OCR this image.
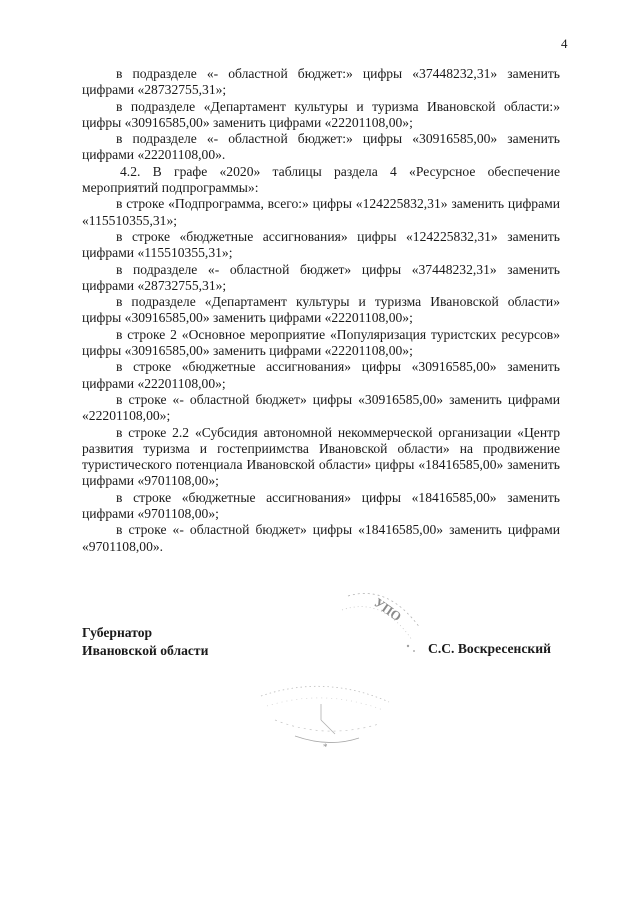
4

в подразделе «- областной бюджет:» цифры «37448232,31» заменить цифрами «28732755,31»;

в подразделе «Департамент культуры и туризма Ивановской области:» цифры «30916585,00» заменить цифрами «22201108,00»;

в подразделе «- областной бюджет:» цифры «30916585,00» заменить цифрами «22201108,00».

4.2. В графе «2020» таблицы раздела 4 «Ресурсное обеспечение мероприятий подпрограммы»:

в строке «Подпрограмма, всего:» цифры «124225832,31» заменить цифрами «115510355,31»;

в строке «бюджетные ассигнования» цифры «124225832,31» заменить цифрами «115510355,31»;

в подразделе «- областной бюджет» цифры «37448232,31» заменить цифрами «28732755,31»;

в подразделе «Департамент культуры и туризма Ивановской области» цифры «30916585,00» заменить цифрами «22201108,00»;

в строке 2 «Основное мероприятие «Популяризация туристских ресурсов» цифры «30916585,00» заменить цифрами «22201108,00»;

в строке «бюджетные ассигнования» цифры «30916585,00» заменить цифрами «22201108,00»;

в строке «- областной бюджет» цифры «30916585,00» заменить цифрами «22201108,00»;

в строке 2.2 «Субсидия автономной некоммерческой организации «Центр развития туризма и гостеприимства Ивановской области» на продвижение туристического потенциала Ивановской области» цифры «18416585,00» заменить цифрами «9701108,00»;

в строке «бюджетные ассигнования» цифры «18416585,00» заменить цифрами «9701108,00»;

в строке «- областной бюджет» цифры «18416585,00» заменить цифрами «9701108,00».

Губернатор
Ивановской области	С.С. Воскресенский
УПО
*
